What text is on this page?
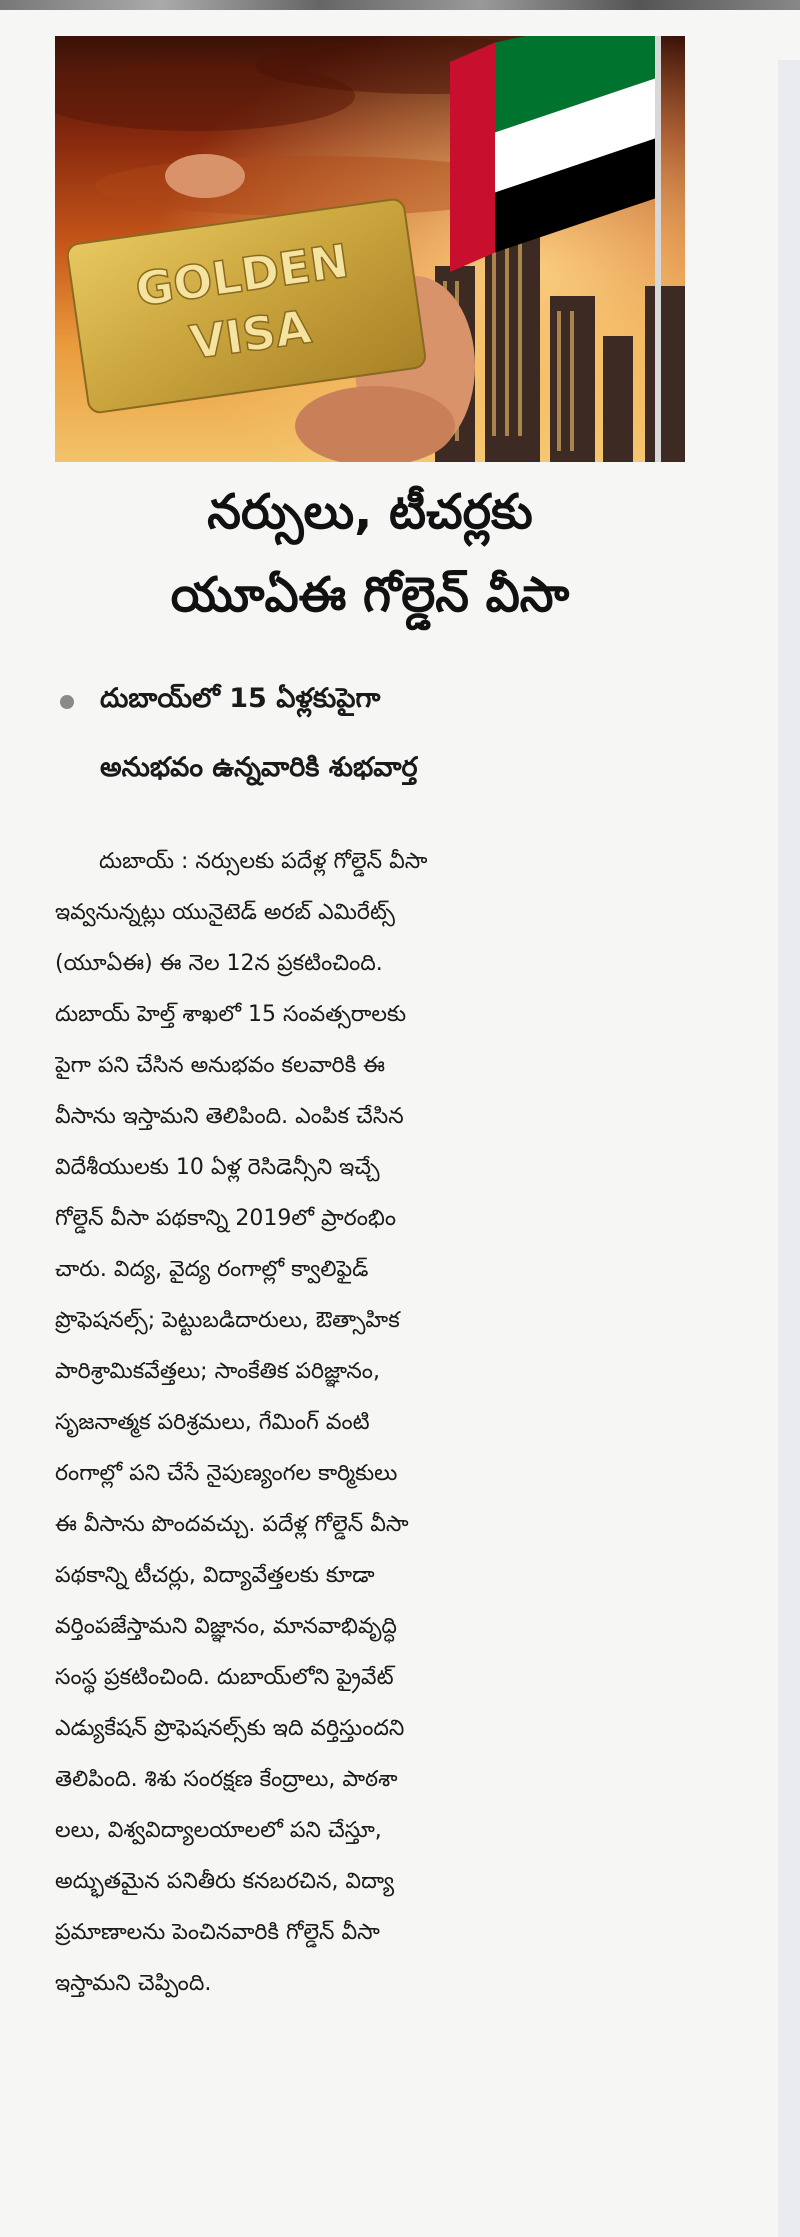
GOLDEN
VISA
నర్సులు, టీచర్లకు
యూఏఈ గోల్డెన్ వీసా
దుబాయ్‌లో 15 ఏళ్లకుపైగా
అనుభవం ఉన్నవారికి శుభవార్త
దుబాయ్ : నర్సులకు పదేళ్ల గోల్డెన్ వీసా
ఇవ్వనున్నట్లు యునైటెడ్ అరబ్ ఎమిరేట్స్
(యూఏఈ) ఈ నెల 12న ప్రకటించింది.
దుబాయ్ హెల్త్ శాఖలో 15 సంవత్సరాలకు
పైగా పని చేసిన అనుభవం కలవారికి ఈ
వీసాను ఇస్తామని తెలిపింది. ఎంపిక చేసిన
విదేశీయులకు 10 ఏళ్ల రెసిడెన్సీని ఇచ్చే
గోల్డెన్ వీసా పథకాన్ని 2019లో ప్రారంభిం
చారు. విద్య, వైద్య రంగాల్లో క్వాలిఫైడ్
ప్రొఫెషనల్స్; పెట్టుబడిదారులు, ఔత్సాహిక
పారిశ్రామికవేత్తలు; సాంకేతిక పరిజ్ఞానం,
సృజనాత్మక పరిశ్రమలు, గేమింగ్ వంటి
రంగాల్లో పని చేసే నైపుణ్యంగల కార్మికులు
ఈ వీసాను పొందవచ్చు. పదేళ్ల గోల్డెన్ వీసా
పథకాన్ని టీచర్లు, విద్యావేత్తలకు కూడా
వర్తింపజేస్తామని విజ్ఞానం, మానవాభివృద్ధి
సంస్థ ప్రకటించింది. దుబాయ్‌లోని ప్రైవేట్
ఎడ్యుకేషన్ ప్రొఫెషనల్స్‌కు ఇది వర్తిస్తుందని
తెలిపింది. శిశు సంరక్షణ కేంద్రాలు, పాఠశా
లలు, విశ్వవిద్యాలయాలలో పని చేస్తూ,
అద్భుతమైన పనితీరు కనబరచిన, విద్యా
ప్రమాణాలను పెంచినవారికి గోల్డెన్ వీసా
ఇస్తామని చెప్పింది.
